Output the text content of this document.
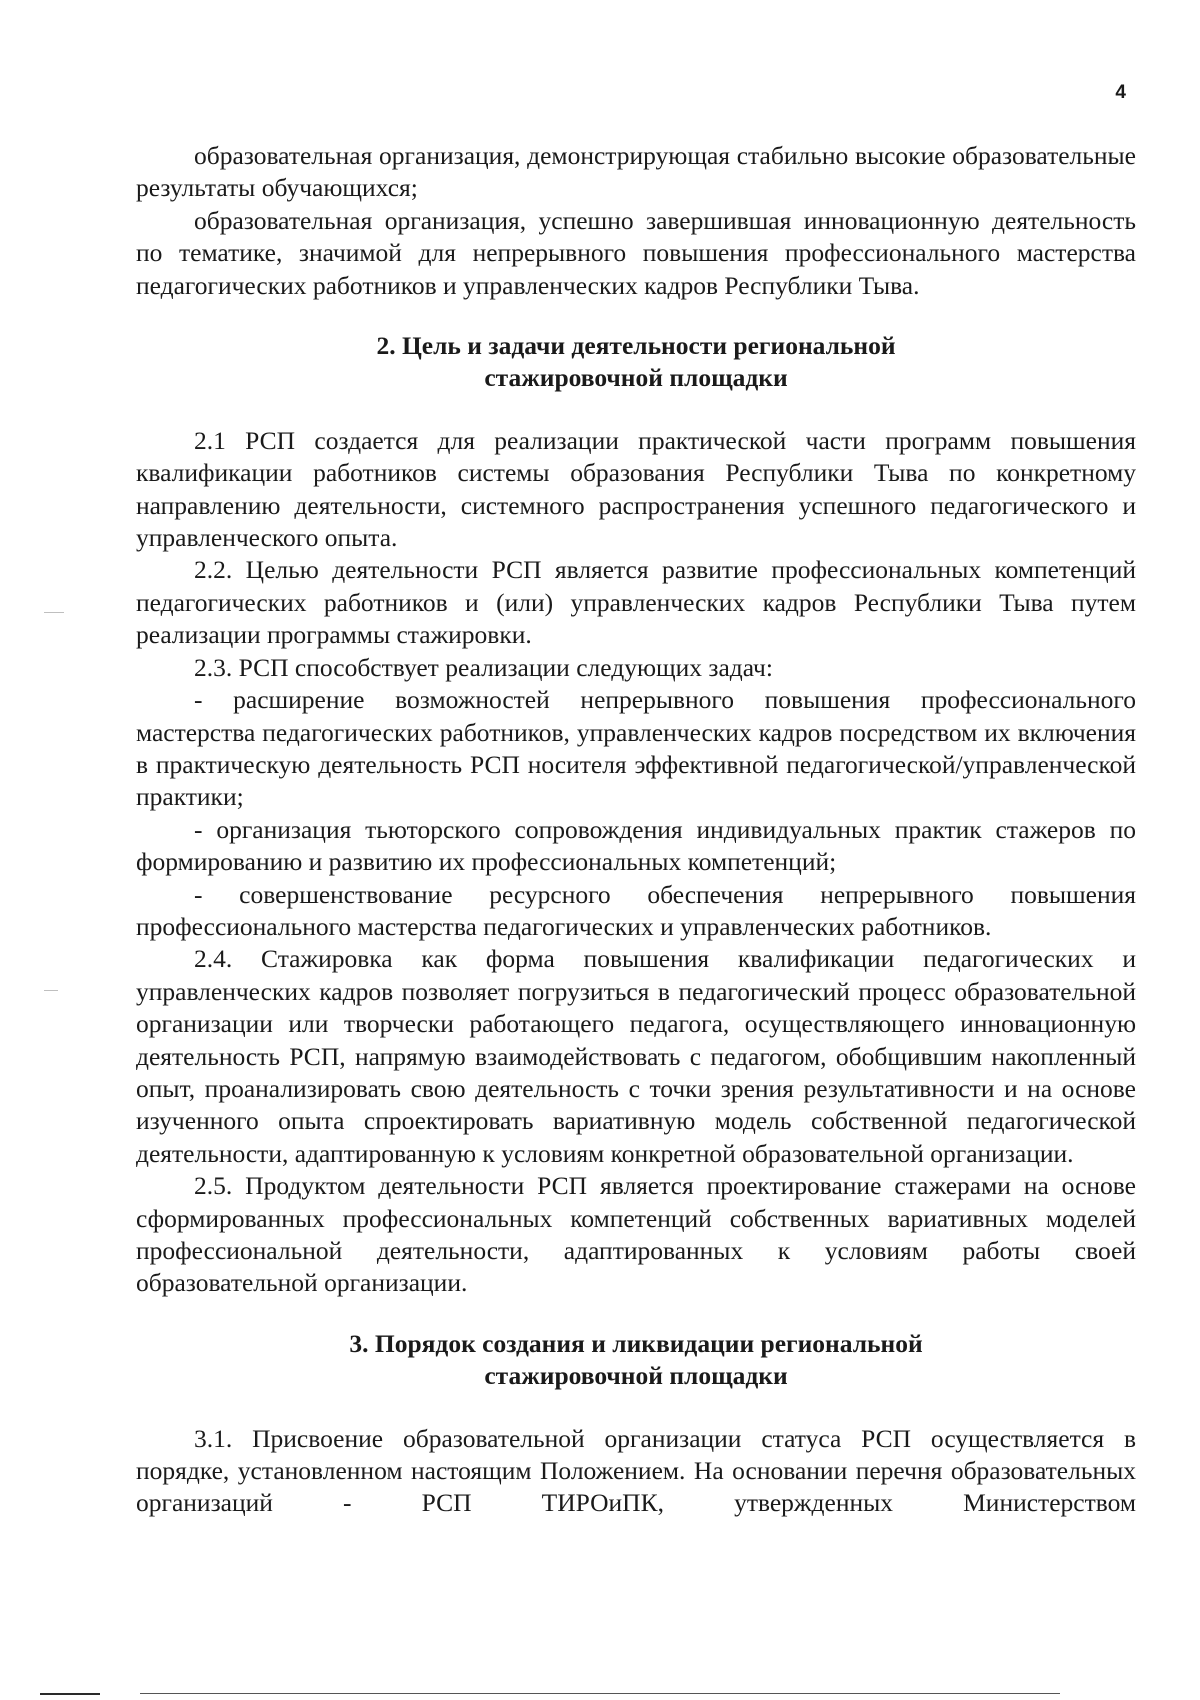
4

образовательная организация, демонстрирующая стабильно высокие образовательные результаты обучающихся;

образовательная организация, успешно завершившая инновационную деятельность по тематике, значимой для непрерывного повышения профессионального мастерства педагогических работников и управленческих кадров Республики Тыва.

2. Цель и задачи деятельности региональной
стажировочной площадки

2.1 РСП создается для реализации практической части программ повышения квалификации работников системы образования Республики Тыва по конкретному направлению деятельности, системного распространения успешного педагогического и управленческого опыта.

2.2. Целью деятельности РСП является развитие профессиональных компетенций педагогических работников и (или) управленческих кадров Республики Тыва путем реализации программы стажировки.

2.3. РСП способствует реализации следующих задач:

- расширение возможностей непрерывного повышения профессионального мастерства педагогических работников, управленческих кадров посредством их включения в практическую деятельность РСП носителя эффективной педагогической/управленческой практики;

- организация тьюторского сопровождения индивидуальных практик стажеров по формированию и развитию их профессиональных компетенций;

- совершенствование ресурсного обеспечения непрерывного повышения профессионального мастерства педагогических и управленческих работников.

2.4. Стажировка как форма повышения квалификации педагогических и управленческих кадров позволяет погрузиться в педагогический процесс образовательной организации или творчески работающего педагога, осуществляющего инновационную деятельность РСП, напрямую взаимодействовать с педагогом, обобщившим накопленный опыт, проанализировать свою деятельность с точки зрения результативности и на основе изученного опыта спроектировать вариативную модель собственной педагогической деятельности, адаптированную к условиям конкретной образовательной организации.

2.5. Продуктом деятельности РСП является проектирование стажерами на основе сформированных профессиональных компетенций собственных вариативных моделей профессиональной деятельности, адаптированных к условиям работы своей образовательной организации.

3. Порядок создания и ликвидации региональной
стажировочной площадки

3.1. Присвоение образовательной организации статуса РСП осуществляется в порядке, установленном настоящим Положением. На основании перечня образовательных организаций - РСП ТИРОиПК, утвержденных Министерством
